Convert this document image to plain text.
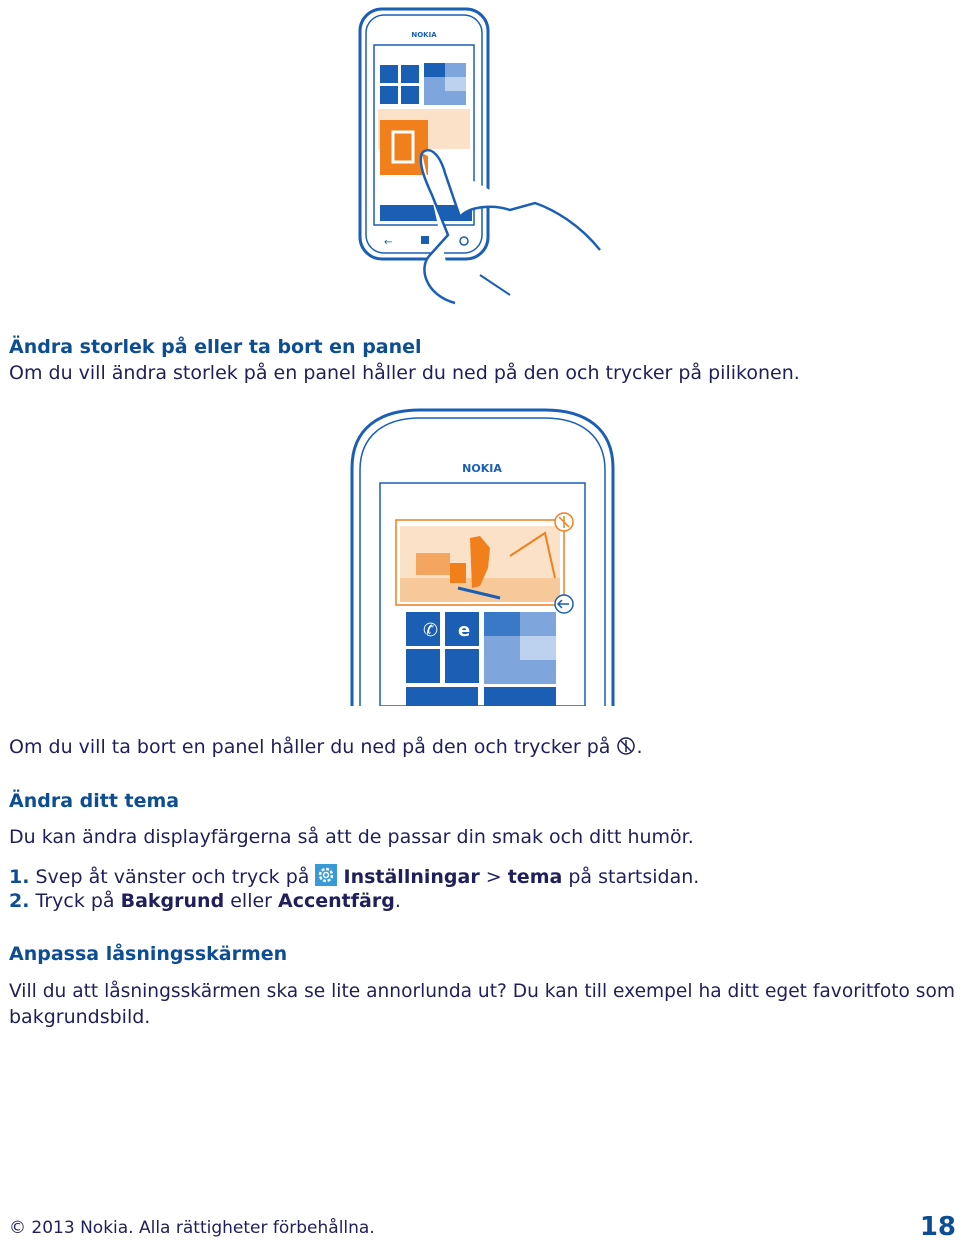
NOKIA
←
Ändra storlek på eller ta bort en panel
Om du vill ändra storlek på en panel håller du ned på den och trycker på pilikonen.
NOKIA
✆ e
Om du vill ta bort en panel håller du ned på den och trycker på .
Ändra ditt tema
Du kan ändra displayfärgerna så att de passar din smak och ditt humör.
1. Svep åt vänster och tryck på Inställningar > tema på startsidan.
2. Tryck på Bakgrund eller Accentfärg.
Anpassa låsningsskärmen
Vill du att låsningsskärmen ska se lite annorlunda ut? Du kan till exempel ha ditt eget favoritfoto som
bakgrundsbild.
© 2013 Nokia. Alla rättigheter förbehållna.	18
